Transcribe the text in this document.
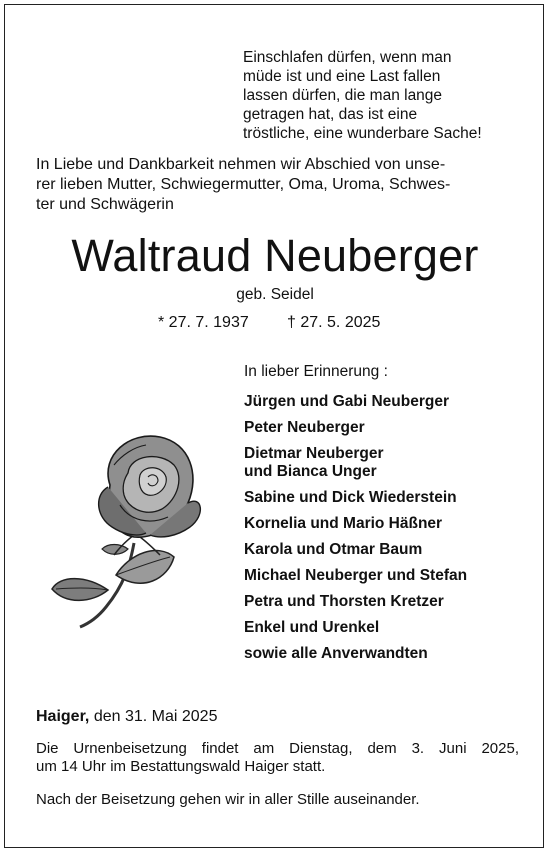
Einschlafen dürfen, wenn man
müde ist und eine Last fallen
lassen dürfen, die man lange
getragen hat, das ist eine
tröstliche, eine wunderbare Sache!
In Liebe und Dankbarkeit nehmen wir Abschied von unse-
rer lieben Mutter, Schwiegermutter, Oma, Uroma, Schwes-
ter und Schwägerin
Waltraud Neuberger
geb. Seidel
* 27. 7. 1937 † 27. 5. 2025
In lieber Erinnerung :
Jürgen und Gabi Neuberger
Peter Neuberger
Dietmar Neuberger
und Bianca Unger
Sabine und Dick Wiederstein
Kornelia und Mario Häßner
Karola und Otmar Baum
Michael Neuberger und Stefan
Petra und Thorsten Kretzer
Enkel und Urenkel
sowie alle Anverwandten
Haiger, den 31. Mai 2025
Die Urnenbeisetzung findet am Dienstag, dem 3. Juni 2025,
um 14 Uhr im Bestattungswald Haiger statt.
Nach der Beisetzung gehen wir in aller Stille auseinander.
